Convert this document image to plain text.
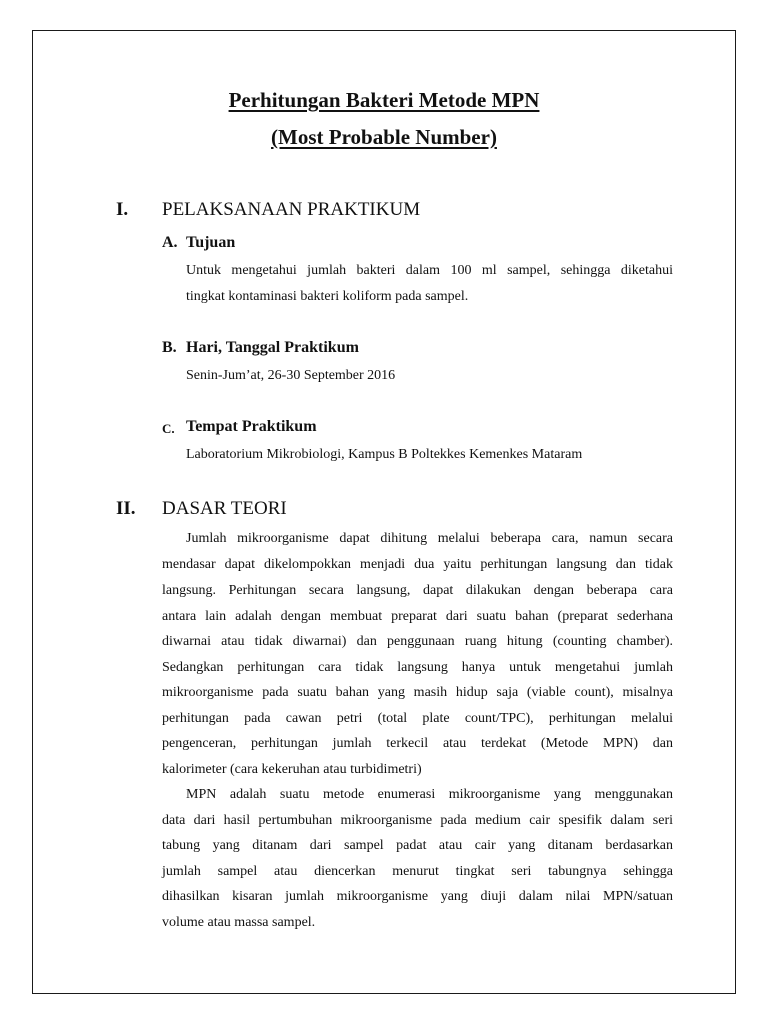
Perhitungan Bakteri Metode MPN
(Most Probable Number)
I. PELAKSANAAN PRAKTIKUM
A. Tujuan
Untuk mengetahui jumlah bakteri dalam 100 ml sampel, sehingga diketahui
tingkat kontaminasi bakteri koliform pada sampel.
B. Hari, Tanggal Praktikum
Senin-Jum’at, 26-30 September 2016
C. Tempat Praktikum
Laboratorium Mikrobiologi, Kampus B Poltekkes Kemenkes Mataram
II. DASAR TEORI
Jumlah mikroorganisme dapat dihitung melalui beberapa cara, namun secara
mendasar dapat dikelompokkan menjadi dua yaitu perhitungan langsung dan tidak
langsung. Perhitungan secara langsung, dapat dilakukan dengan beberapa cara
antara lain adalah dengan membuat preparat dari suatu bahan (preparat sederhana
diwarnai atau tidak diwarnai) dan penggunaan ruang hitung (counting chamber).
Sedangkan perhitungan cara tidak langsung hanya untuk mengetahui jumlah
mikroorganisme pada suatu bahan yang masih hidup saja (viable count), misalnya
perhitungan pada cawan petri (total plate count/TPC), perhitungan melalui
pengenceran, perhitungan jumlah terkecil atau terdekat (Metode MPN) dan
kalorimeter (cara kekeruhan atau turbidimetri)
MPN adalah suatu metode enumerasi mikroorganisme yang menggunakan
data dari hasil pertumbuhan mikroorganisme pada medium cair spesifik dalam seri
tabung yang ditanam dari sampel padat atau cair yang ditanam berdasarkan
jumlah sampel atau diencerkan menurut tingkat seri tabungnya sehingga
dihasilkan kisaran jumlah mikroorganisme yang diuji dalam nilai MPN/satuan
volume atau massa sampel.
